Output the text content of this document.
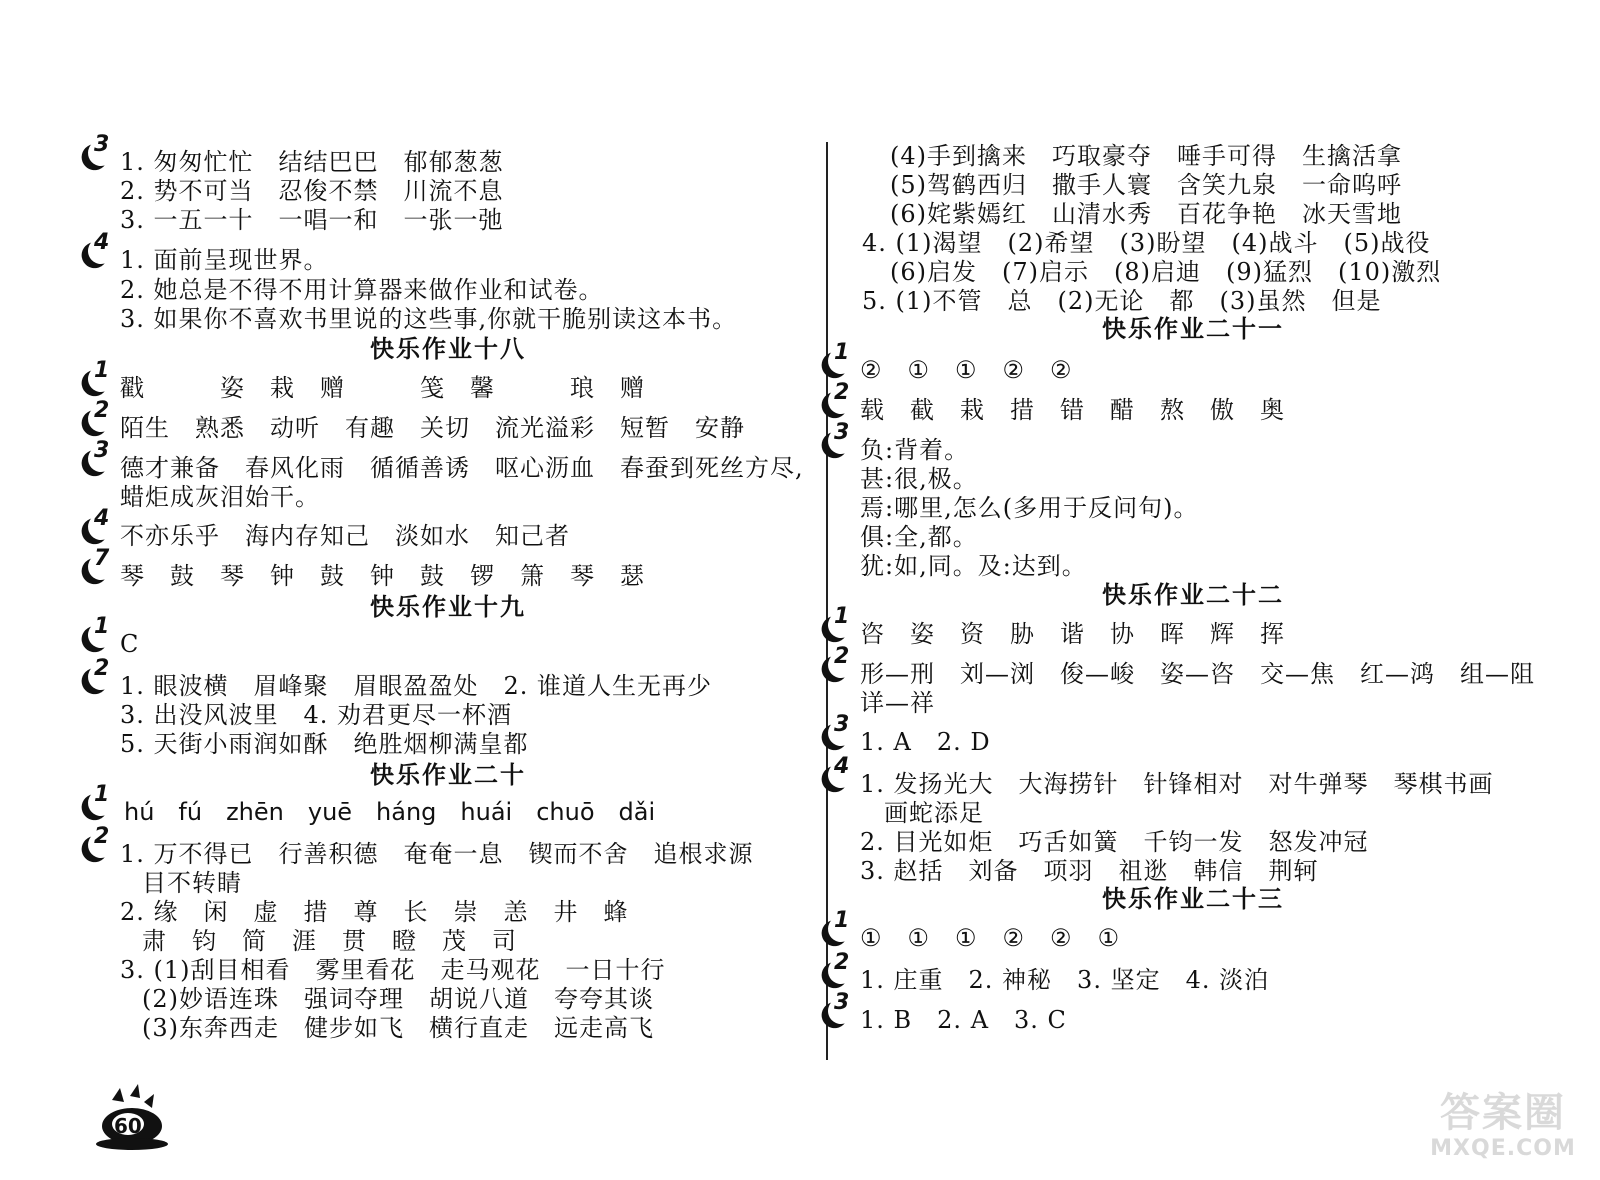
3
1. 匆匆忙忙　结结巴巴　郁郁葱葱
2. 势不可当　忍俊不禁　川流不息
3. 一五一十　一唱一和　一张一弛
4
1. 面前呈现世界。
2. 她总是不得不用计算器来做作业和试卷。
3. 如果你不喜欢书里说的这些事,你就干脆别读这本书。
快乐作业十八
1
戳　　　姿　栽　赠　　　笺　馨　　　琅　赠
2
陌生　熟悉　动听　有趣　关切　流光溢彩　短暂　安静
3
德才兼备　春风化雨　循循善诱　呕心沥血　春蚕到死丝方尽,
蜡炬成灰泪始干。
4
不亦乐乎　海内存知己　淡如水　知己者
7
琴　鼓　琴　钟　鼓　钟　鼓　锣　箫　琴　瑟
快乐作业十九
1
C
2
1. 眼波横　眉峰聚　眉眼盈盈处　2. 谁道人生无再少
3. 出没风波里　4. 劝君更尽一杯酒
5. 天街小雨润如酥　绝胜烟柳满皇都
快乐作业二十
1
hú　fú　zhēn　yuē　háng　huái　chuō　dǎi
2
1. 万不得已　行善积德　奄奄一息　锲而不舍　追根求源
目不转睛
2. 缘　闲　虚　措　尊　长　崇　恙　井　蜂
肃　钧　简　涯　贯　瞪　茂　司
3. (1)刮目相看　雾里看花　走马观花　一日十行
(2)妙语连珠　强词夺理　胡说八道　夸夸其谈
(3)东奔西走　健步如飞　横行直走　远走高飞
(4)手到擒来　巧取豪夺　唾手可得　生擒活拿
(5)驾鹤西归　撒手人寰　含笑九泉　一命呜呼
(6)姹紫嫣红　山清水秀　百花争艳　冰天雪地
4. (1)渴望　(2)希望　(3)盼望　(4)战斗　(5)战役
(6)启发　(7)启示　(8)启迪　(9)猛烈　(10)激烈
5. (1)不管　总　(2)无论　都　(3)虽然　但是
快乐作业二十一
1
②　①　①　②　②
2
载　截　栽　措　错　醋　熬　傲　奥
3
负:背着。
甚:很,极。
焉:哪里,怎么(多用于反问句)。
俱:全,都。
犹:如,同。及:达到。
快乐作业二十二
1
咨　姿　资　胁　谐　协　晖　辉　挥
2
形—刑　刘—浏　俊—峻　姿—咨　交—焦　红—鸿　组—阻
详—祥
3
1. A　2. D
4
1. 发扬光大　大海捞针　针锋相对　对牛弹琴　琴棋书画
画蛇添足
2. 目光如炬　巧舌如簧　千钧一发　怒发冲冠
3. 赵括　刘备　项羽　祖逖　韩信　荆轲
快乐作业二十三
1
①　①　①　②　②　①
2
1. 庄重　2. 神秘　3. 坚定　4. 淡泊
3
1. B　2. A　3. C
60	答案圈
MXQE.COM
